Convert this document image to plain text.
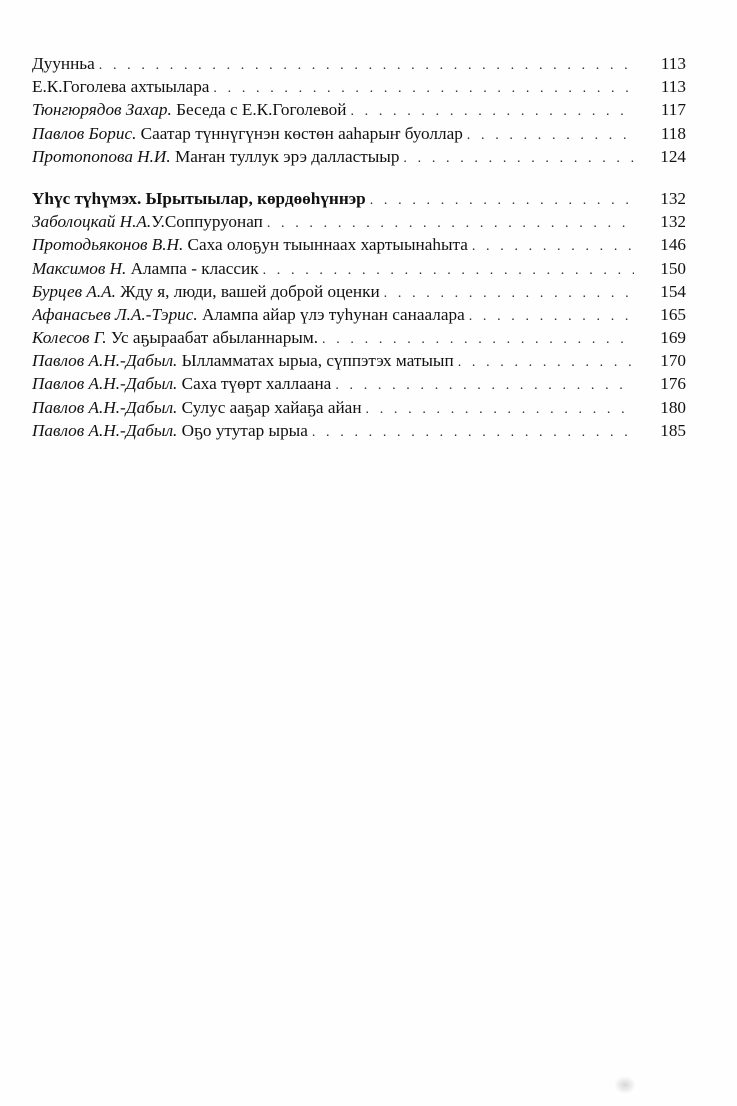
Дуунньа . . .	113
Е.К.Гоголева ахтыылара . . .	113
Тюнгюрядов Захар. Беседа с Е.К.Гоголевой . . .	117
Павлов Борис. Саатар түннүгүнэн көстөн ааһарыҥ буоллар . . .	118
Протопопова Н.И. Маҥан туллук эрэ далластыыр . . .	124
Үһүс түһүмэх. Ырытыылар, көрдөөһүннэр . . .	132
Заболоцкай Н.А.У.Соппуруонап . . .	132
Протодьяконов В.Н. Саха олоҕун тыыннаах хартыынаһыта . . .	146
Максимов Н. Алампа - классик . . .	150
Бурцев А.А. Жду я, люди, вашей доброй оценки . . .	154
Афанасьев Л.А.-Тэрис. Алампа айар үлэ туһунан санаалара . . .	165
Колесов Г. Ус аҕыраабат абыланнарым. . . .	169
Павлов А.Н.-Дабыл. Ылламматах ырыа, сүппэтэх матыып . . .	170
Павлов А.Н.-Дабыл. Саха түөрт халлаана . . .	176
Павлов А.Н.-Дабыл. Сулус ааҕар хайаҕа айан . . .	180
Павлов А.Н.-Дабыл. Оҕо утутар ырыа . . .	185
